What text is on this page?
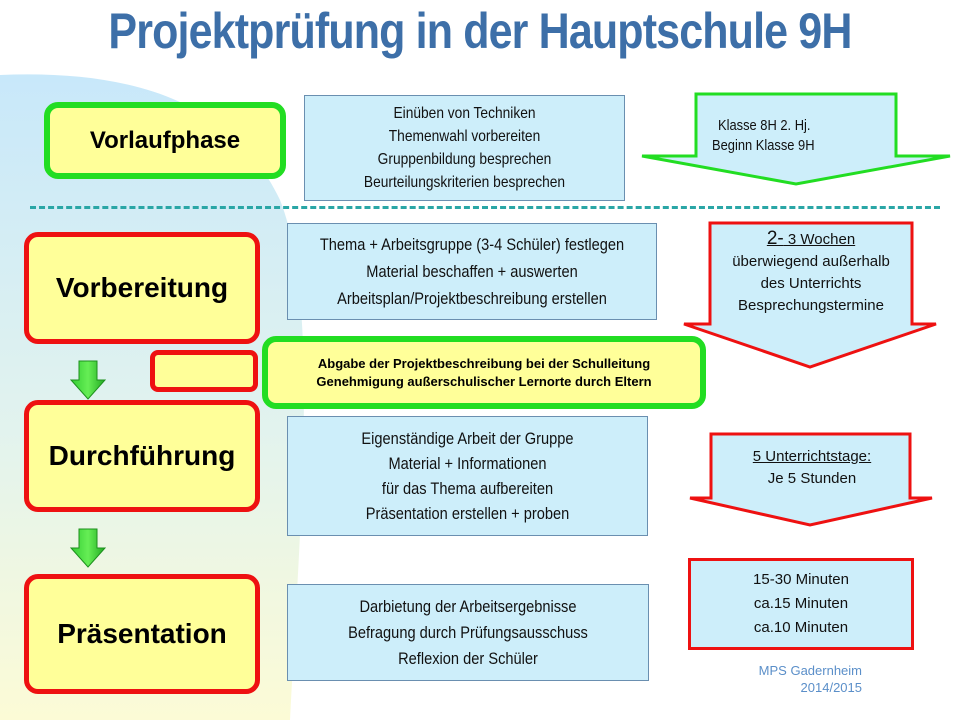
Projektprüfung in der Hauptschule 9H
Vorlaufphase
Einüben von Techniken
Themenwahl vorbereiten
Gruppenbildung besprechen
Beurteilungskriterien besprechen
Klasse 8H 2. Hj.
Beginn Klasse 9H
Vorbereitung
Thema + Arbeitsgruppe (3-4 Schüler) festlegen
Material beschaffen + auswerten
Arbeitsplan/Projektbeschreibung erstellen
2- 3 Wochen
überwiegend außerhalb
des Unterrichts
Besprechungstermine
Abgabe der Projektbeschreibung bei der Schulleitung
Genehmigung außerschulischer Lernorte durch Eltern
Durchführung
Eigenständige Arbeit der Gruppe
Material + Informationen
für das Thema aufbereiten
Präsentation erstellen + proben
5 Unterrichtstage:
Je 5 Stunden
Präsentation
Darbietung der Arbeitsergebnisse
Befragung durch Prüfungsausschuss
Reflexion der Schüler
15-30 Minuten
ca.15 Minuten
ca.10 Minuten
MPS Gadernheim
2014/2015
